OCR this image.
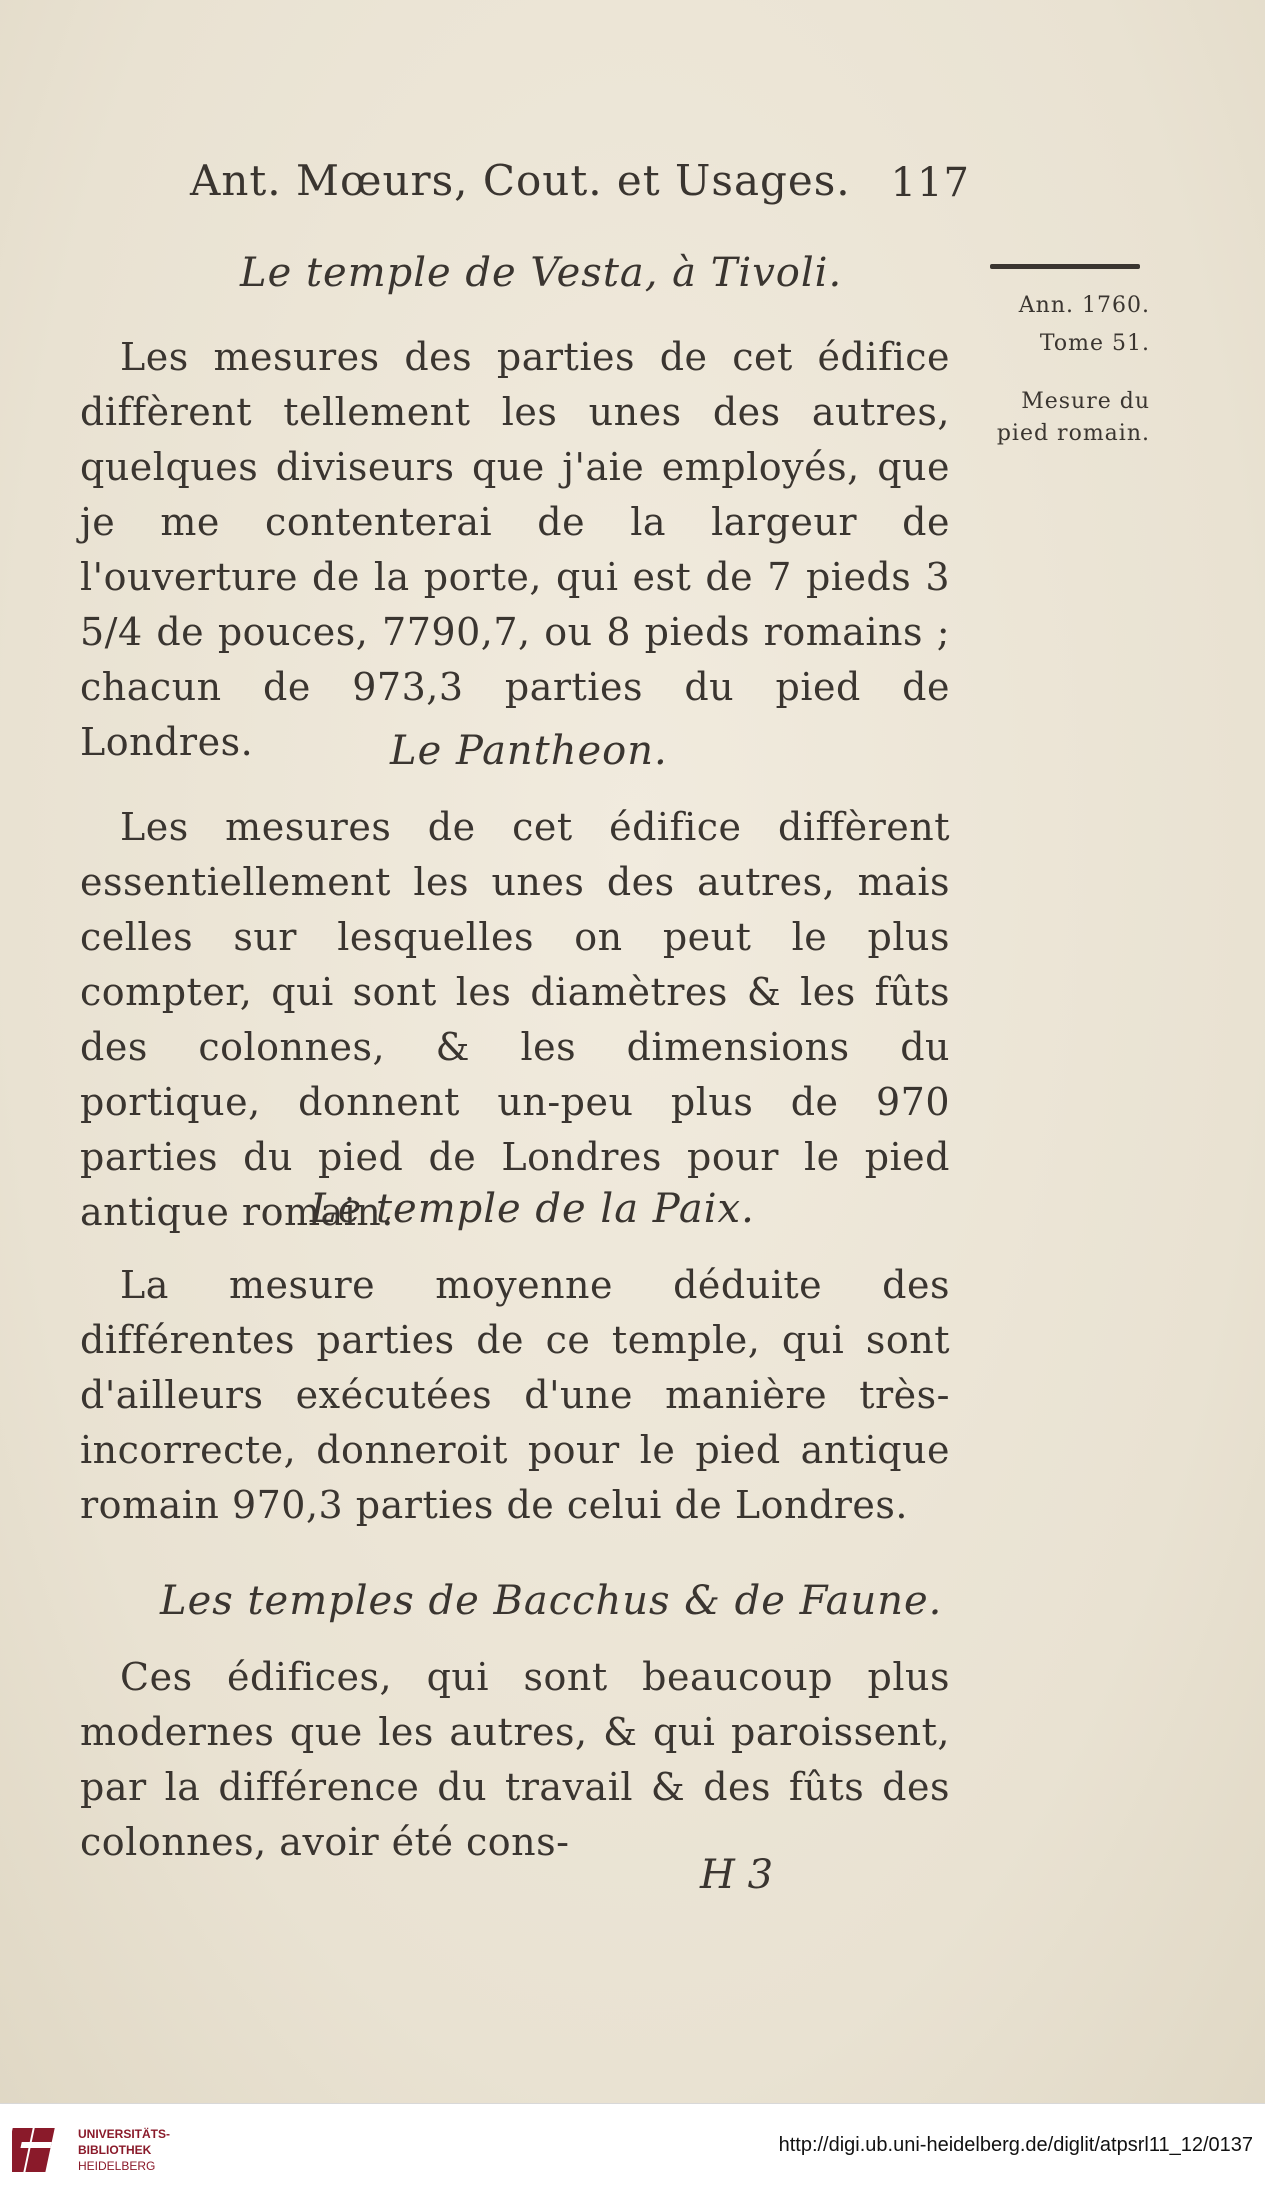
Ant. Mœurs, Cout. et Usages. 117
Ann. 1760.
Tome 51.
Mesure du
pied romain.
Le temple de Vesta, à Tivoli.

Les mesures des parties de cet édifice diffèrent tellement les unes des autres, quelques diviseurs que j'aie employés, que je me contenterai de la largeur de l'ouverture de la porte, qui est de 7 pieds 3 5/4 de pouces, 7790,7, ou 8 pieds romains ; chacun de 973,3 parties du pied de Londres.	Le Pantheon.

Les mesures de cet édifice diffèrent essentiellement les unes des autres, mais celles sur lesquelles on peut le plus compter, qui sont les diamètres & les fûts des colonnes, & les dimensions du portique, donnent un-peu plus de 970 parties du pied de Londres pour le pied antique romain.

Le temple de la Paix.

La mesure moyenne déduite des différentes parties de ce temple, qui sont d'ailleurs exécutées d'une manière très-incorrecte, donneroit pour le pied antique romain 970,3 parties de celui de Londres.

Les temples de Bacchus & de Faune.

Ces édifices, qui sont beaucoup plus modernes que les autres, & qui paroissent, par la différence du travail & des fûts des colonnes, avoir été cons-

H 3
UNIVERSITÄTS-
BIBLIOTHEK
HEIDELBERG
http://digi.ub.uni-heidelberg.de/diglit/atpsrl11_12/0137
